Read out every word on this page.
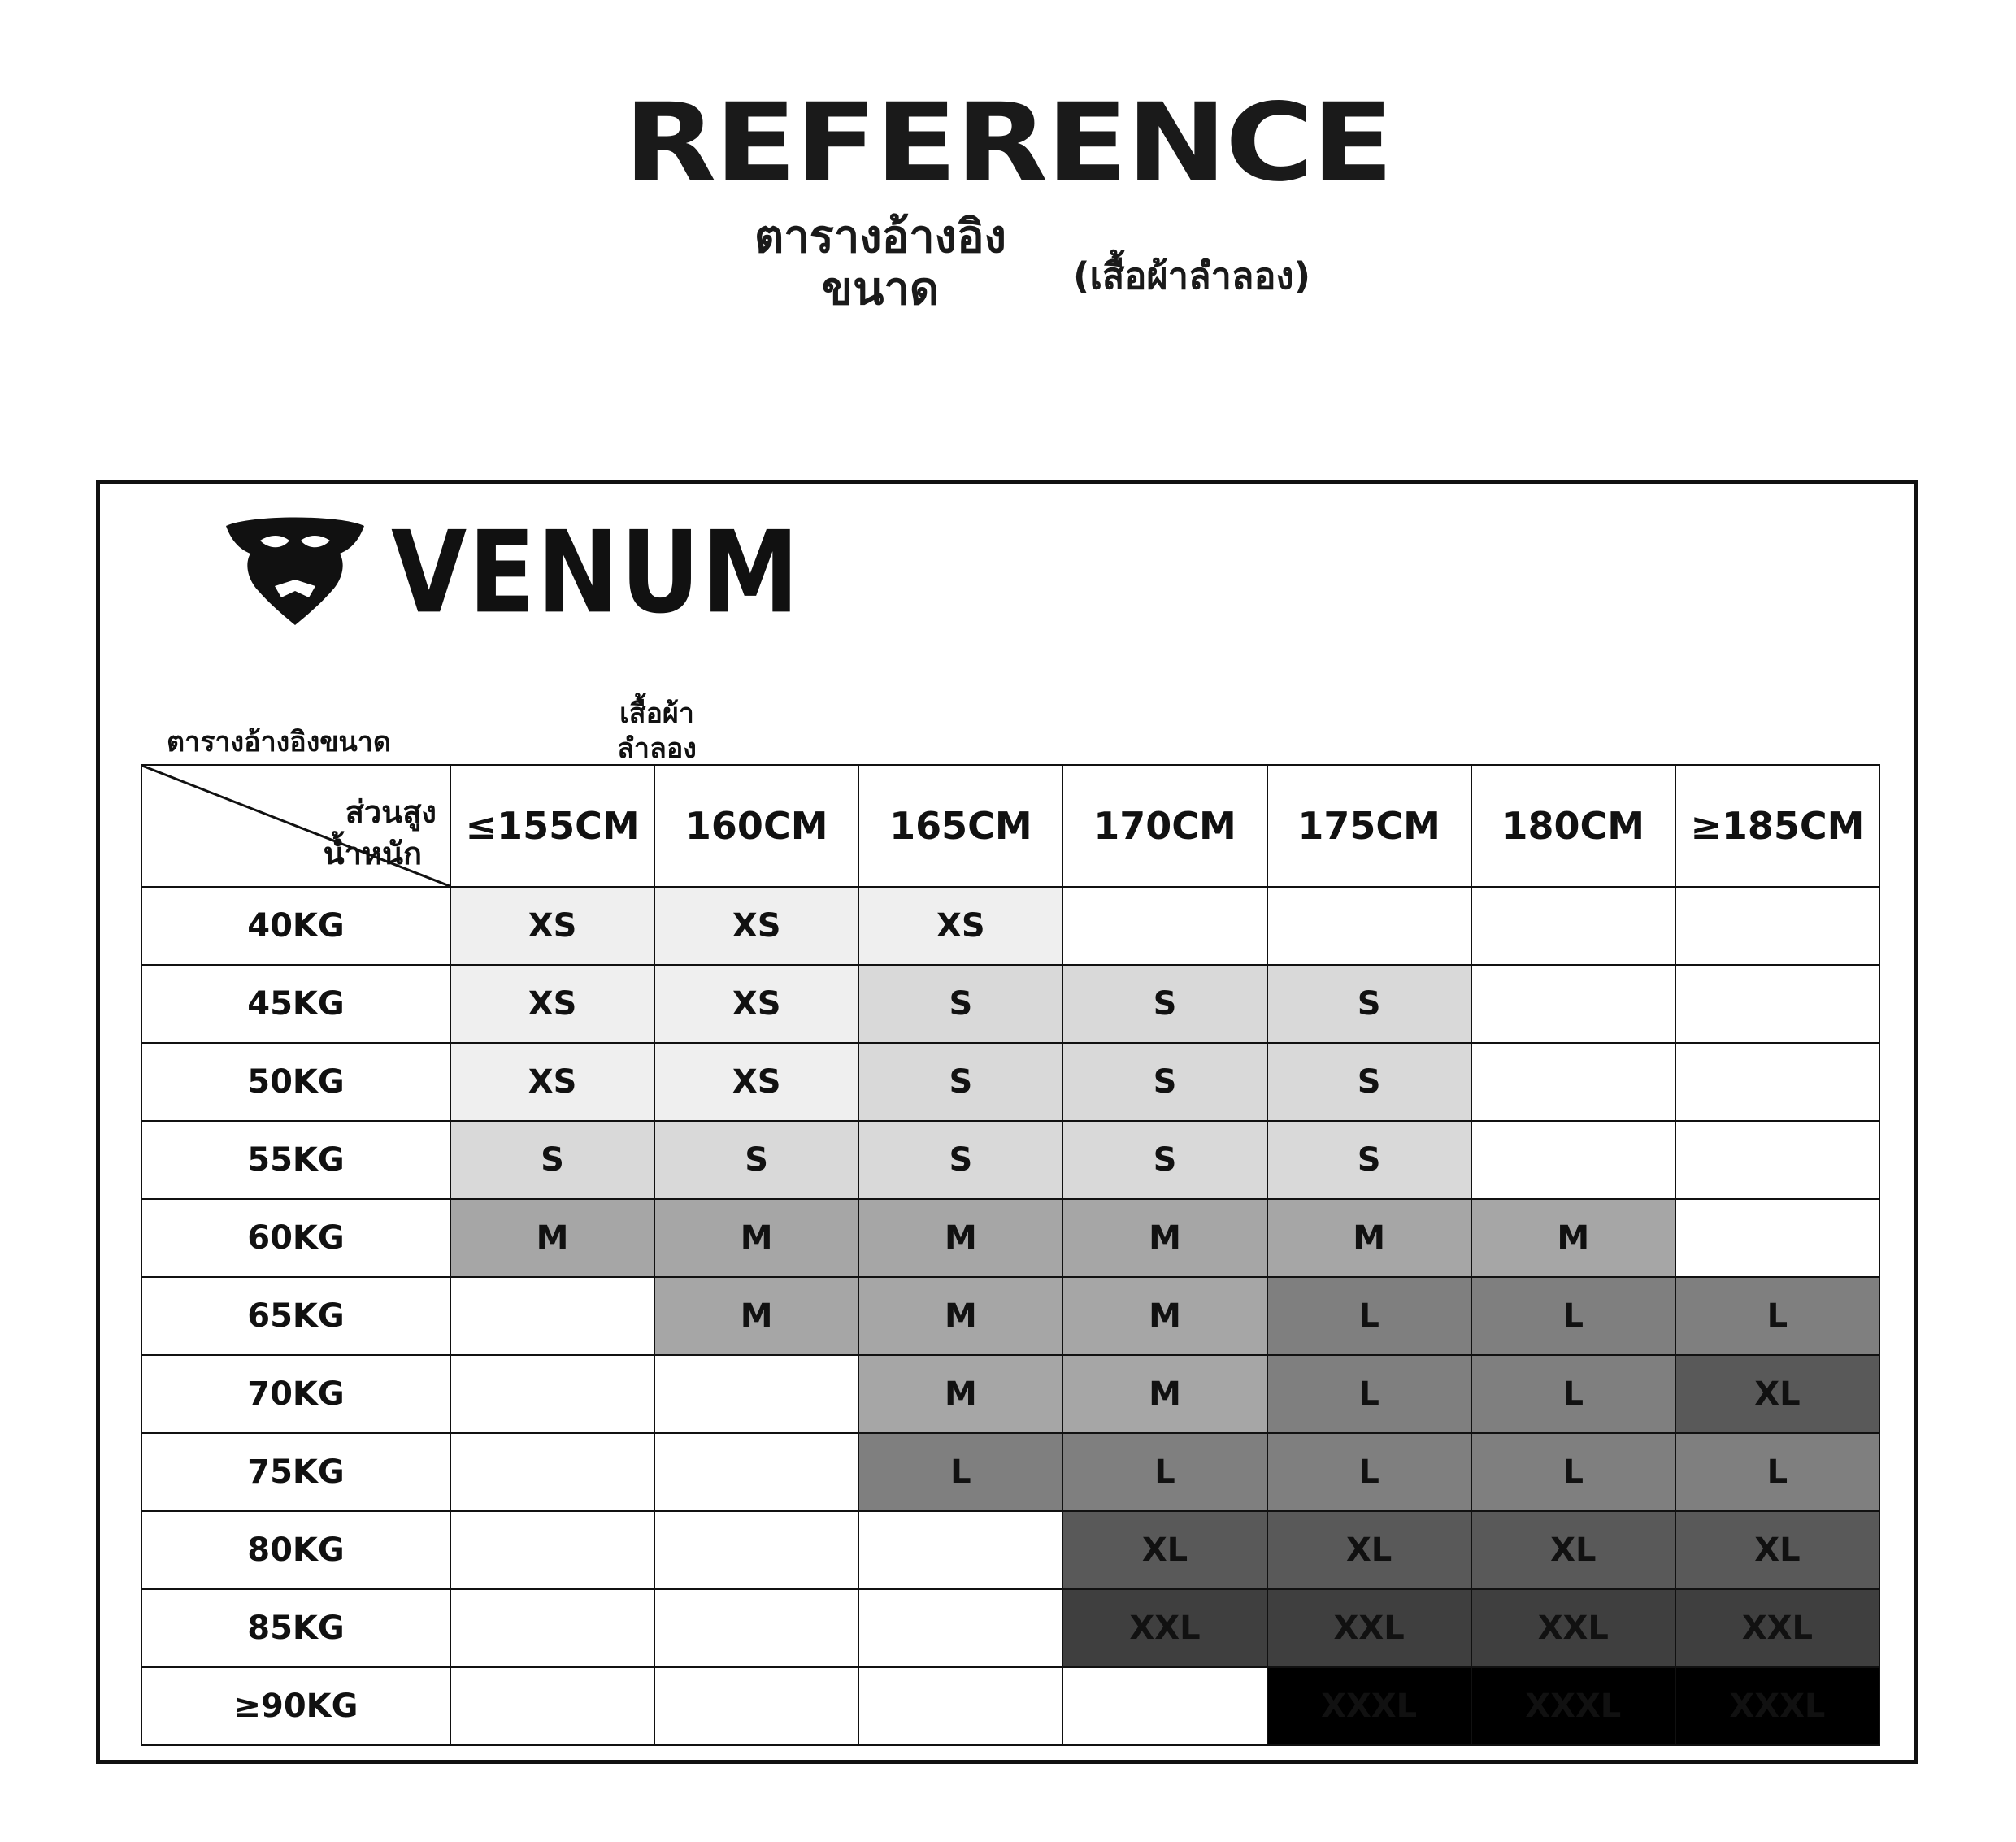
REFERENCE
ตารางอ้างอิงขนาด	(เสื้อผ้าลำลอง)
VENUM
ตารางอ้างอิงขนาด
เสื้อผ้า
ลำลอง
ส่วนสูง
น้ำหนัก	≤155CM	160CM	165CM	170CM	175CM	180CM	≥185CM
40KG	XS	XS	XS				
45KG	XS	XS	S	S	S		
50KG	XS	XS	S	S	S		
55KG	S	S	S	S	S		
60KG	M	M	M	M	M	M	
65KG		M	M	M	L	L	L
70KG			M	M	L	L	XL
75KG			L	L	L	L	L
80KG				XL	XL	XL	XL
85KG				XXL	XXL	XXL	XXL
≥90KG					XXXL	XXXL	XXXL
